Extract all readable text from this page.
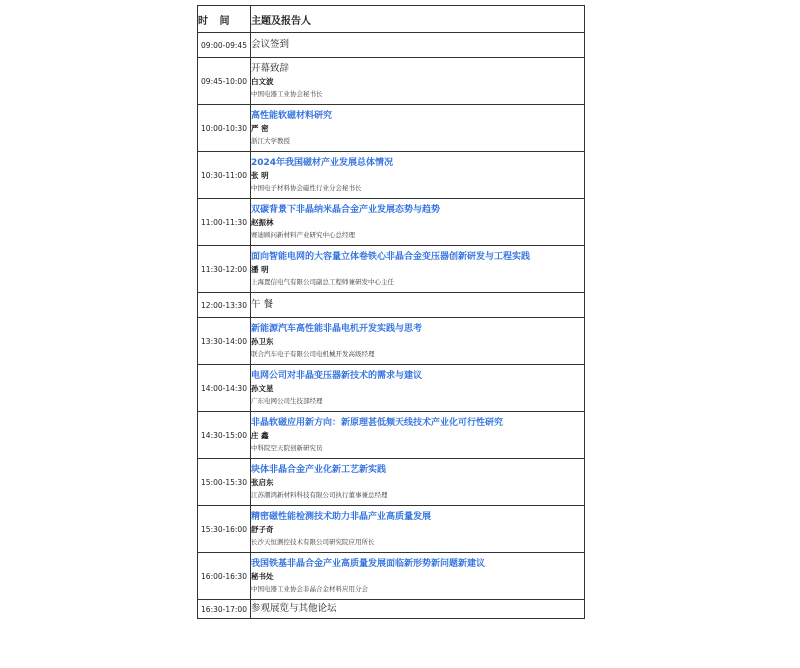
时 间	主题及报告人
09:00-09:45	会议签到

09:45-10:00	开幕致辞
白文波
中国电器工业协会秘书长

10:00-10:30	高性能软磁材料研究
严 密
浙江大学教授

10:30-11:00	2024年我国磁材产业发展总体情况
张 明
中国电子材料协会磁性行业分会秘书长

11:00-11:30	双碳背景下非晶纳米晶合金产业发展态势与趋势
赵振林
赛迪顾问新材料产业研究中心总经理

11:30-12:00	面向智能电网的大容量立体卷铁心非晶合金变压器创新研发与工程实践
潘 明
上海置信电气有限公司副总工程师兼研发中心主任

12:00-13:30	午 餐

13:30-14:00	新能源汽车高性能非晶电机开发实践与思考
孙卫东
联合汽车电子有限公司电机械开发高级经理

14:00-14:30	电网公司对非晶变压器新技术的需求与建议
孙文星
广东电网公司生技部经理

14:30-15:00	非晶软磁应用新方向：新原理甚低频天线技术产业化可行性研究
庄 鑫
中科院空天院创新研究员

15:00-15:30	块体非晶合金产业化新工艺新实践
张启东
江苏潮鸿新材料科技有限公司执行董事兼总经理

15:30-16:00	精密磁性能检测技术助力非晶产业高质量发展
舒子奇
长沙天恒测控技术有限公司研究院应用所长

16:00-16:30	我国铁基非晶合金产业高质量发展面临新形势新问题新建议
秘书处
中国电器工业协会非晶合金材料应用分会

16:30-17:00	参观展览与其他论坛
